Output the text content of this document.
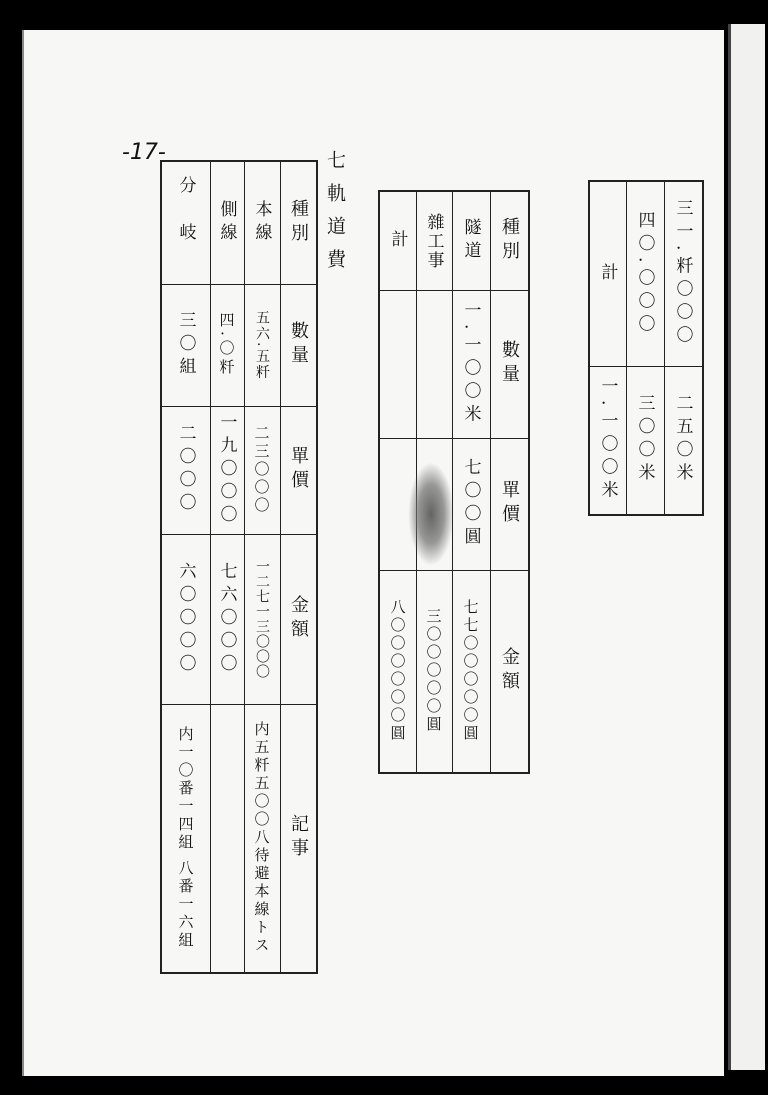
-17-	七軌道費
種別
數量
單價
金額
記事
本線
五六.五粁
二三〇〇〇
一二七一三〇〇〇
内五粁五〇〇八待避本線トス
側線
四.〇粁
一九〇〇〇
七六〇〇〇
分岐
三〇組
二〇〇〇
六〇〇〇〇
内一〇番一四組 八番一六組
種別
數量
單價
金額
隧道
一.一〇〇米
七〇〇圓
七七〇〇〇〇〇圓
雜工事
三〇〇〇〇〇圓
計
八〇〇〇〇〇〇圓
三一.粁〇〇〇
二五〇米
四〇.〇〇〇
三〇〇米
計
一.一〇〇米
